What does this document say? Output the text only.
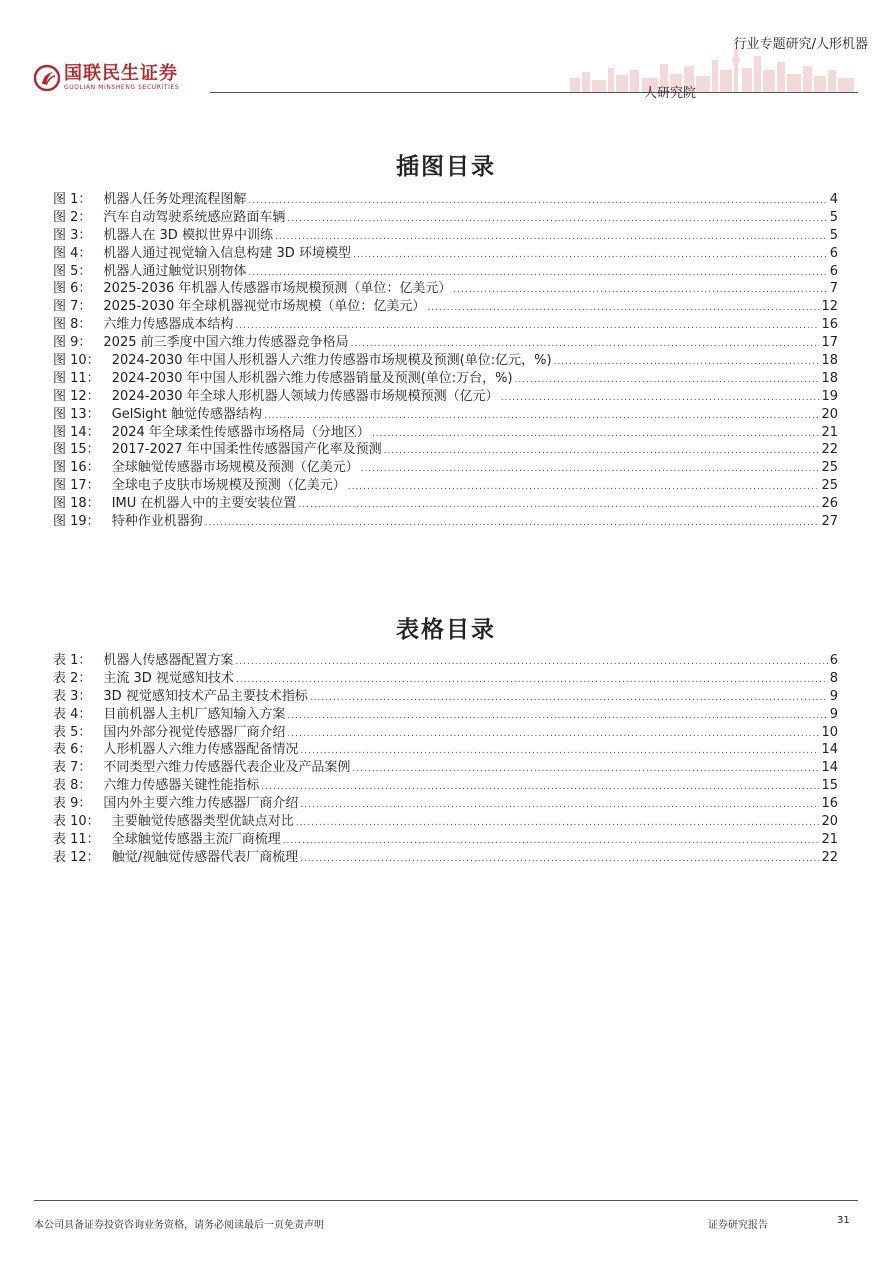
国联民生证券
GUOLIAN MINSHENG SECURITIES
行业专题研究/人形机器
人研究院
插图目录
图 1： 机器人任务处理流程图解 .....	4
图 2： 汽车自动驾驶系统感应路面车辆 .....	5
图 3： 机器人在 3D 模拟世界中训练 .....	5
图 4： 机器人通过视觉输入信息构建 3D 环境模型 .....	6
图 5： 机器人通过触觉识别物体 .....	6
图 6： 2025-2036 年机器人传感器市场规模预测（单位：亿美元） .....	7
图 7： 2025-2030 年全球机器视觉市场规模（单位：亿美元） .....	12
图 8： 六维力传感器成本结构 .....	16
图 9： 2025 前三季度中国六维力传感器竞争格局 .....	17
图 10： 2024-2030 年中国人形机器人六维力传感器市场规模及预测(单位:亿元，%) .....	18
图 11： 2024-2030 年中国人形机器六维力传感器销量及预测(单位:万台，%) .....	18
图 12： 2024-2030 年全球人形机器人领域力传感器市场规模预测（亿元） .....	19
图 13： GelSight 触觉传感器结构 .....	20
图 14： 2024 年全球柔性传感器市场格局（分地区） .....	21
图 15： 2017-2027 年中国柔性传感器国产化率及预测 .....	22
图 16： 全球触觉传感器市场规模及预测（亿美元） .....	25
图 17： 全球电子皮肤市场规模及预测（亿美元） .....	25
图 18： IMU 在机器人中的主要安装位置 .....	26
图 19： 特种作业机器狗 .....	27
表格目录
表 1： 机器人传感器配置方案 .....	6
表 2： 主流 3D 视觉感知技术 .....	8
表 3： 3D 视觉感知技术产品主要技术指标 .....	9
表 4： 目前机器人主机厂感知输入方案 .....	9
表 5： 国内外部分视觉传感器厂商介绍 .....	10
表 6： 人形机器人六维力传感器配备情况 .....	14
表 7： 不同类型六维力传感器代表企业及产品案例 .....	14
表 8： 六维力传感器关键性能指标 .....	15
表 9： 国内外主要六维力传感器厂商介绍 .....	16
表 10： 主要触觉传感器类型优缺点对比 .....	20
表 11： 全球触觉传感器主流厂商梳理 .....	21
表 12： 触觉/视触觉传感器代表厂商梳理 .....	22
本公司具备证券投资咨询业务资格，请务必阅读最后一页免责声明	证券研究报告	31
